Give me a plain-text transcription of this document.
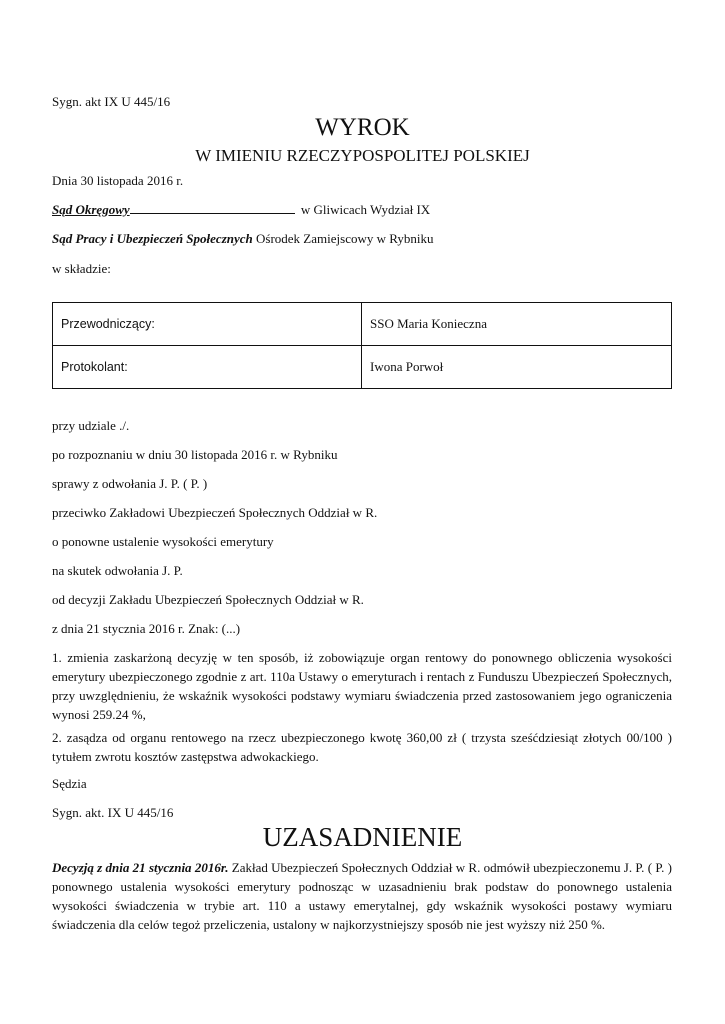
Sygn. akt IX U 445/16
WYROK
W IMIENIU RZECZYPOSPOLITEJ POLSKIEJ
Dnia 30 listopada 2016 r.
Sąd Okręgowy	w Gliwicach Wydział IX
Sąd Pracy i Ubezpieczeń Społecznych Ośrodek Zamiejscowy w Rybniku
w składzie:
Przewodniczący:	SSO Maria Konieczna
Protokolant:	Iwona Porwoł
przy udziale ./.
po rozpoznaniu w dniu 30 listopada 2016 r. w Rybniku
sprawy z odwołania J. P. ( P. )
przeciwko Zakładowi Ubezpieczeń Społecznych Oddział w R.
o ponowne ustalenie wysokości emerytury
na skutek odwołania J. P.
od decyzji Zakładu Ubezpieczeń Społecznych Oddział w R.
z dnia 21 stycznia 2016 r. Znak: (...)
1. zmienia zaskarżoną decyzję w ten sposób, iż zobowiązuje organ rentowy do ponownego obliczenia wysokości emerytury ubezpieczonego zgodnie z art. 110a Ustawy o emeryturach i rentach z Funduszu Ubezpieczeń Społecznych, przy uwzględnieniu, że wskaźnik wysokości podstawy wymiaru świadczenia przed zastosowaniem jego ograniczenia wynosi 259.24 %,
2. zasądza od organu rentowego na rzecz ubezpieczonego kwotę 360,00 zł ( trzysta sześćdziesiąt złotych 00/100 ) tytułem zwrotu kosztów zastępstwa adwokackiego.
Sędzia
Sygn. akt. IX U 445/16
UZASADNIENIE
Decyzją z dnia 21 stycznia 2016r. Zakład Ubezpieczeń Społecznych Oddział w R. odmówił ubezpieczonemu J. P. ( P. ) ponownego ustalenia wysokości emerytury podnosząc w uzasadnieniu brak podstaw do ponownego ustalenia wysokości świadczenia w trybie art. 110 a ustawy emerytalnej, gdy wskaźnik wysokości postawy wymiaru świadczenia dla celów tegoż przeliczenia, ustalony w najkorzystniejszy sposób nie jest wyższy niż 250 %.
